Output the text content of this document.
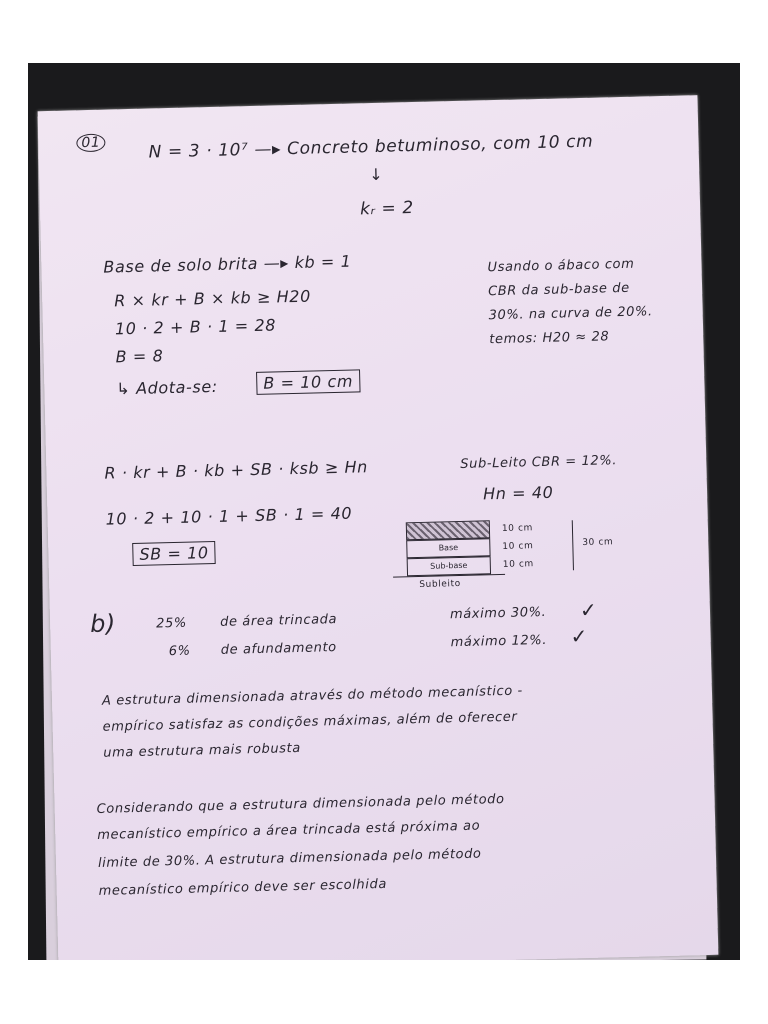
01	N = 3 · 10⁷ —▸ Concreto betuminoso, com 10 cm
↓
kᵣ = 2
Base de solo brita —▸ kb = 1
R × kr + B × kb ≥ H20
10 · 2 + B · 1 = 28
B = 8
↳ Adota-se:	B = 10 cm
Usando o ábaco com
CBR da sub-base de
30%. na curva de 20%.
temos: H20 ≈ 28
R · kr + B · kb + SB · ksb ≥ Hn
10 · 2 + 10 · 1 + SB · 1 = 40
SB = 10
Sub-Leito CBR = 12%.
Hn = 40
Base
Sub-base
Subleito
10 cm
10 cm
10 cm
30 cm
b)	25%	de área trincada	máximo 30%. ✓
6% de afundamento	máximo 12%. ✓
A estrutura dimensionada através do método mecanístico -
empírico satisfaz as condições máximas, além de oferecer
uma estrutura mais robusta
Considerando que a estrutura dimensionada pelo método
mecanístico empírico a área trincada está próxima ao
limite de 30%. A estrutura dimensionada pelo método
mecanístico empírico deve ser escolhida
